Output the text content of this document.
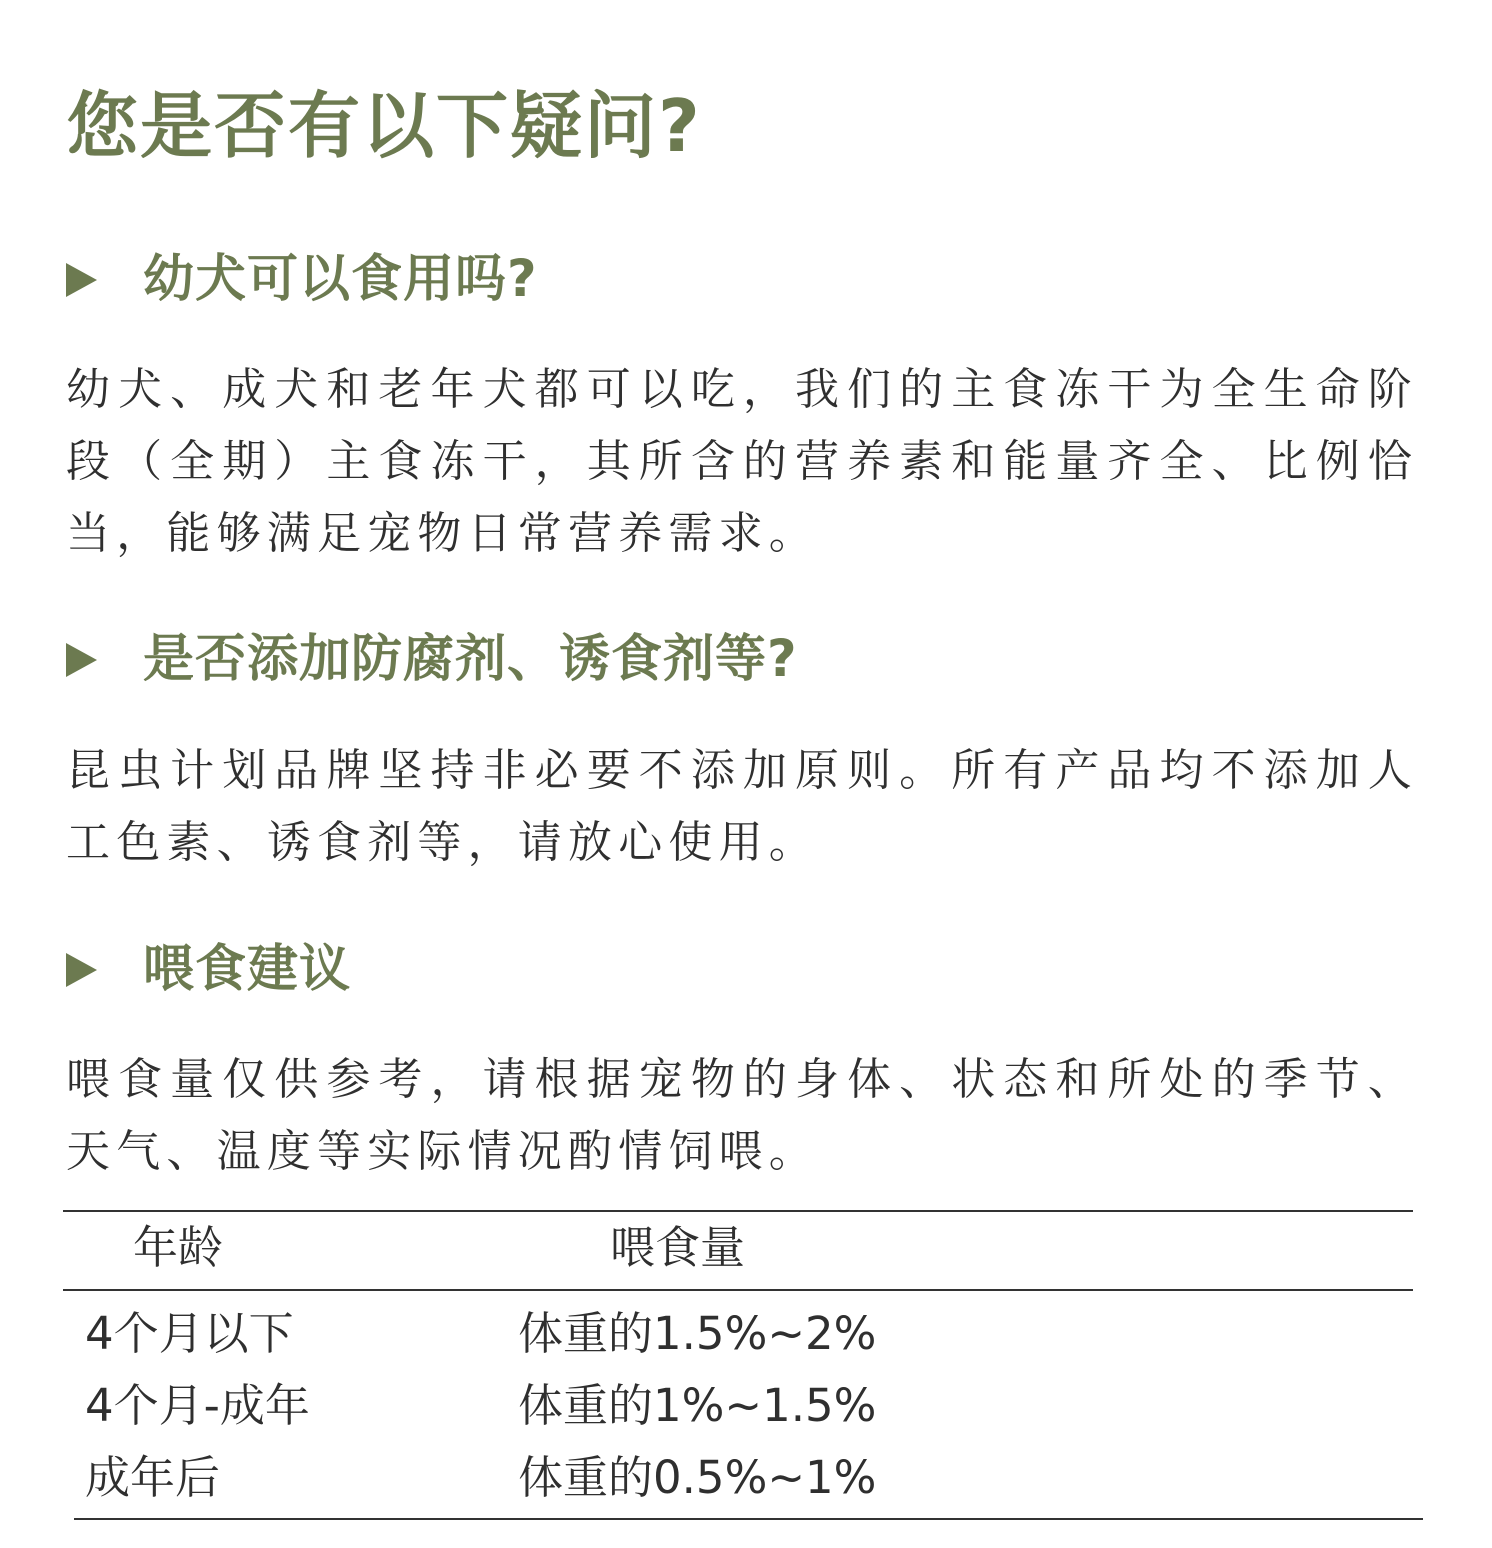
您是否有以下疑问?
幼犬可以食用吗?

幼犬、成犬和老年犬都可以吃，我们的主食冻干为全生命阶段（全期）主食冻干，其所含的营养素和能量齐全、比例恰当，能够满足宠物日常营养需求。

是否添加防腐剂、诱食剂等?

昆虫计划品牌坚持非必要不添加原则。所有产品均不添加人工色素、诱食剂等，请放心使用。

喂食建议

喂食量仅供参考，请根据宠物的身体、状态和所处的季节、天气、温度等实际情况酌情饲喂。

年龄	喂食量
4个月以下	体重的1.5%~2%
4个月-成年	体重的1%~1.5%
成年后	体重的0.5%~1%
